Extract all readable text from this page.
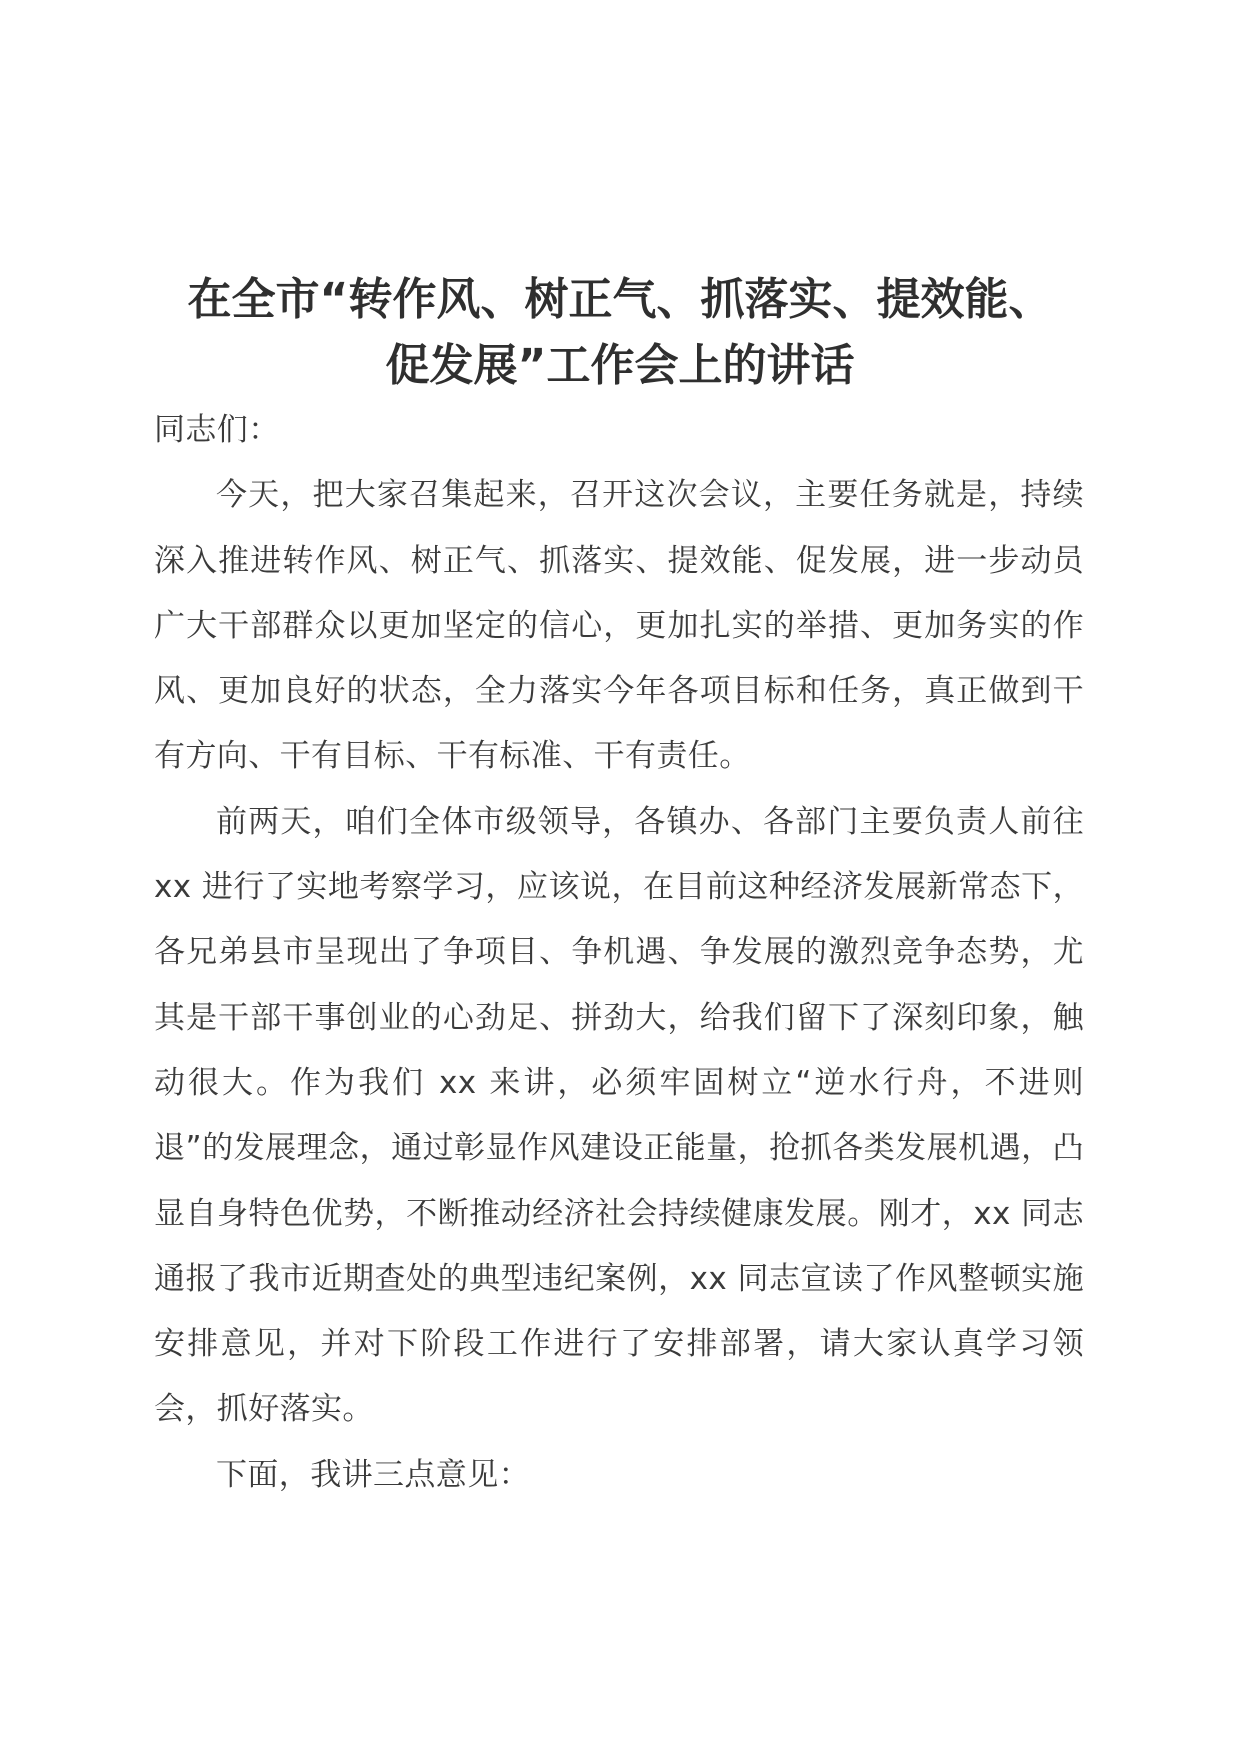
在全市“转作风、树正气、抓落实、提效能、
促发展”工作会上的讲话

同志们：

今天，把大家召集起来，召开这次会议，主要任务就是，持续深入推进转作风、树正气、抓落实、提效能、促发展，进一步动员广大干部群众以更加坚定的信心，更加扎实的举措、更加务实的作风、更加良好的状态，全力落实今年各项目标和任务，真正做到干有方向、干有目标、干有标准、干有责任。

前两天，咱们全体市级领导，各镇办、各部门主要负责人前往 xx 进行了实地考察学习，应该说，在目前这种经济发展新常态下，各兄弟县市呈现出了争项目、争机遇、争发展的激烈竞争态势，尤其是干部干事创业的心劲足、拼劲大，给我们留下了深刻印象，触动很大。作为我们 xx 来讲，必须牢固树立“逆水行舟，不进则退”的发展理念，通过彰显作风建设正能量，抢抓各类发展机遇，凸显自身特色优势，不断推动经济社会持续健康发展。刚才，xx 同志通报了我市近期查处的典型违纪案例，xx 同志宣读了作风整顿实施安排意见，并对下阶段工作进行了安排部署，请大家认真学习领会，抓好落实。

下面，我讲三点意见：
